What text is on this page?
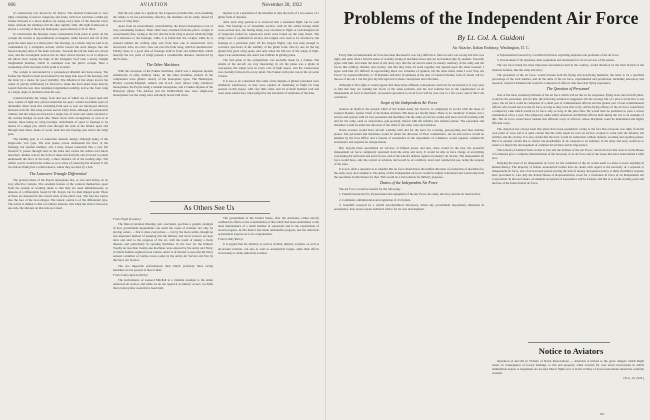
666	AVIATION	November 20, 1922

of construction was shown by M. Payrot. The internal framework is very light, consisting of narrow longerons and struts, with bow and lines a multi-ply former inclosed to a more shallow by seeing every most of the material every shape wherein the members fall the skin rigidity. Only this light framework is placed a covering of three-ply mahogany, approximately 2/32 in. thick.

In construction the fuselage varies considerably from point to point. At the cockpit the section is approximately rectangular, while forward and aft of this point the sides taper to a blunt point. The fuselage, as a whole, may be said to be commanded by a triangular section, which toward the stern merges into the inward-sloping sides of the main structure. Towards the tail the sides are curved over, and the rectangular section has its sides curved inward, so as to improve the pilot's view. Along the ridge of the triangular 'roof' runs a nearly straight longitudinal member, which is continued over the pilot's cockpit. Here a weakening of the structure at this point is avoided.

The cockpit is surrounded by a pronounced dihedral and back-sweep. The former has therefore been necessitated by the large side area of the fuselage, and the latter by a desire for good visibility. The dihedral of the wings lowers the center of gravity sufficiently far forward to make the front plane more heavily loaded than the rear, thus obtaining longitudinal stability, and so the front wing at a larger angle of incidence than the rear.

Constructionally the wings, front and rear of which are of equal span and area, consist of light ribs, placed somewhat far apart, carried on tubular spars of duralumin. Short stout ribs extending from spar to spar are interposed midway between each rib. The wing section used is fairly thick, although of considerable camber, and the wings are braced in a single bay of struts and cables attached to the various fittings on each side. These struts with corrugations as well as in tension, there being no wing bracings. Attachment of spars to fuselage is by means of a single pin, which runs through the ends of the tubular spars and through steel tubes, made of wood, built into the fuselage just below the ridge pole.

The landing gear is of somewhat unusual design, although being of the single-axle 'vee' type. The axle passes across underneath the floor of the fuselage, but another member, also a tube, sloped somewhat like a very flat inverted V, passes through slots in the sides and carries the rubber-cord shock absorbers. Radius rods in the form of tubes run from the axle forward to points underneath the floor of the body, a short distance aft of the leading edge. The rubber cord is wound in the center so as to allow of removing the inverted V, the two halves fitting into a central sleeve, where they are held by a bolt.

The Latecoere Triangle Differential

The greatest merit of the Peyret monoplane lies, as was said before, in its very effective controls. The essential feature of the controls themselves, apart from the system of working them, is that they are used simultaneously, as ailerons of a differential, found by Mr. Peyret, but for their hinged point. Three of these are mounted in the control stick of the pilot's seat. The foot-bar carries also the foot of the foot-stirrups. The lateral control is of the differential type. The action is similar to that of ordinary ailerons, that when the stick is moved to one side, the ailerons on that side are raised.

find the rear plane is a question, but it appears probable that, even assuming the rudder to be not particularly effective, the machine can be easily turned by the use of wing flaps.

Apart from its extraordinary controllability, the Peyret monoplane is not of very outstanding features. Their chief view obtained from the pilot's cockpit is exceptionally fine, owing to the fact that the front wing is placed relatively high with reference to the fuselage, while it is found that the cockpit, while he is situated behind the trailing edge and from here one is unrestricted view downward. Also, in a dive, view out over the front wing, which is unobstructed. Finally, there is a good deal of fuselage both in front and behind him, which laterally the two pairs of wings present a considerable distance, reinforced by the N struts.

The Other Machines

With the exception of the Fokker machines, which was a sailplane biplane reminiscent of early military ideas, all the other machines entered in the competition were gliders, mostly of the monoplane types. The Handasyde, Broiler, Gordon-England, Ashton and R.A.F. were mixed wing cantilever monoplanes, the Peyret being a tandem monoplane, and a Fokker biplane of the Hannover glider. The Airdaes and the DeHavilland also were single-seat monoplanes, but the wings were extremely broad with wires.

biplane to be a specimen of the machine to take the form of a two-seater, of a glider form of airplane.

After such long periods it is observed that a sustained flight can be well done. The fuselage is of streamline section, with all the cables having small cross-section area, the fairing being very excellent in flight. A well-designed set of longerons joined by square-end struts were bolted up the long chord. The wings were of symmetrical section, the longest ever seen to be attached to the fuselage at a particular joint. Of the longest flights, one was long enough to convince spectators of the stability of the glider form. One by one all the big gliders had great wing spans, and only when the full test of the wings of high-aspect was undertaken, the result was brilliant in gliding plane.

The best glide of the competitions was probably made by a Fokker. The details of the aircraft are very interesting. In all, the plane was a glider in conception, the wings were in every case of high aspect, and the construction was carefully followed in every detail. The Fokker with pilot was in the air some 2 hours.

It is also to be considered that some of the designs of gliders presented were eminently satisfactory, as they were capable of remaining in flight for long periods on hill slopes, with very little wind, and all of them handled well and were quite satisfactory when judged by the standards of sailplanes of the time.

As Others See Us

From Flight (London):

The Detroit Aviation Meeting, just concluded, provides a graphic example of how government departments can assist the cause of aviation, not only by placing orders — that is done everywhere — but by the more subtle, though no less important method of ensuring that the military and naval aviators are kept alive and alert to the progress of the art, with the result of taking a lively interest, and particularly in sporting machines. In the race for the Pulitzer Trophy no less than twenty-one machines were entered by the Army and Navy, of which number eighteen were Curtiss, and it is of interest to note that the Navy entered a number of Curtiss racers, some by the Army Air Service and five by the Navy Air Service.

The two important performances then which, probably, three racing machines do not possess is that of their.

From L'Aero-Sports (Paris):

The performance of General Mitchell is a valuable example to the entire American air service, and while we do not regard it as entirely correct, we think that a better plane would have been built.

The government of the United States, after the Armistice, rather strictly confined its efforts to the consolidation of that which had been established, to the mere maintenance of a small number of squadrons and to the exploitation of recent progress. In this field it had made remarkable progress, and the American aeronautical experts are to be congratulated.

From L'Aile (Paris):

It is argued that all, military as well as civilian, military aviation, as well as all-around aviation, can also as well as aeronautical league, unite their efforts victoriously to mark American aviation.

Problems of the Independent Air Force
By Lt. Col. A. Guidoni
Air Attache, Italian Embassy, Washington, D. C.

Every time an independent air force has been discussed it was very difficult to find out who was wrong and who was right, and quite often I had the sense of actually seeing in machines most and can be handled only by seamen. I heartily agree with him: and when the head of the army says that the air service must be merely auxiliary of the army and the forces like artillery, infantry and cavalry, and that they must all work together and depend upon the same General, I agree with him. It's difficult in approaching these two extremes of opinion. On the other hand, when I read 'Stop Air Force!' by General Mitchell, or 'II Dominio dell'Aria' (Command of the Air) of General Douhet, both of whom call for the use of the air, I can but give my full approval to these conceptions and criticisms.

Although at first sight, it would appear that these three different conceptions could not be reconciled, it is very easy to find that they are nothing but facets of the same problem, and the real solution lies in the organization of an independent air force is inevitable. At present opposition to an air force will be won over to a few years, and of this I am convinced.

Scope of the Independent Air Force

General de Neufort, the present Chief of the Italian Army Air Service, is completely in accord with the ideas of General Douhet, former Chief of the Italian Aviation. His ideas are briefly these: There is no 'auxiliary' aviation, but a service and operate with its own personnel and machines, but the army air service would only have aircraft working with and for the army, such as observation, gun-spotting, liaison with the infantry and defense planes. The personnel and machines would be under the direction of the chief of the army corps and division.

Naval aviation would have aircraft working with and for the navy for scouting, gun-spotting and fleet defense planes. The personnel and machines would be under the direction of Fleet commanders. An air and service would be handled by the Post Office and a bureau of aeronautics in the department of commerce would regulate commercial aeronautics and regulate air transportation.

But, beyond these specialized air services of limited power and size, there would be the true, the powerful independent air force completely separated from the army and navy. It would be able to have charge of everything concerning the territorial and naval forces, and of the nation's defense against an enemy's air attacks. The independent air force would have, only the control of aviation, and would be of a military, naval and commercial use, being the weapon of the state.

It is now often a question as to whether this air force should have the unified direction of production of machines for the army, navy and commerce. The Army of this 'independent air force' would be highly centralized and would only hold the specialists in this theater for that. This would be a bad solution for military purposes.

Duties of the Independent Air Force

The Air Force would be needed for the following:

1. Furnish instruction for all personnel and equipment of the Air Force, the army, the navy and the air mail service.

2. Command, administration and regulation of civil pilots.

3. Scientific research by a central aerodynamical laboratory, where any government department, interested in aeronautics, may secure expert technical advice for its own development.

4. Experimental research by a technical division, regarding airplanes and problems of the air force.

5. Procurement of all airplanes, their equipment and armament for all air services of the nation.

The Air force being the most important aeronautical unit in the country, would therefore be the final branch of the national defense, like the army and navy.

The personnel of the air force, would include both the flying and non-flying members, the latter to be a specified percentage of the total number, and all the units of the air force, experimental and production, including laboratory and research, would be handled and would be composed of officers who have had flying experience.

The Question of Personnel

One of the most essential problems of the air force which will be the air for seaplanes, flying boats and aircraft pilots, would be the personnel, and for this, the following solution is suggested. On the average life of a pilot is from five to ten years, the air force could be composed of a small part of commissioned officers and the greater part of non-commissioned officers who would serve in the air force as long as they were able to fly. All the flying officers of the air force would have a temporary rank which would be in force only as long as the pilot flies. He would then be permitted to pass a severe examination twice a year. The temporary ranks which American and British officers held during the war is an example of this. The air force would need, besides this efficient corps of officers, whose discipline could be maintained and highly efficient corps.

The objection has always been that pilots have been pessimistic owing to the fact that everyone was right, from his own point of view, but it is quite certain that the army needs its own air service, trained to work with the infantry, the artillery and the cavalry. It is also certain that the navy would be vulnerable without defense, scouting and spotting planes. But it is equally certain that to restrict the possibilities of air weapons to an auxiliary of the army and navy would be to restrict or impair the development of commercial aviation and its importance.

The bottom of Admiral Sims on this is 'just and the defense of the Air Force,' and in the fact that as he is in the House of Commons give a complete demonstration of the necessity of an air force and of the issues that have been behind it until now.

Denying the need of an independent air force for the command of the air would seem to refuse to learn anything in human history. The majority of Italian aeronautical bodies have no doubt with regard to the necessity of a separate or independent air force, and a law has been passed placing the lack of money and general policy to limit all military expense have prevented it. Last July the Italian House of Representatives voted for a resolution in favor of an Independent Air Corporation. In the near future, an eminent secretariat of aeronautics will be formed, and this is to be the starting point and nucleus of the future Italian air force.

Notice to Aviators

Operation of Aircraft in Vicinity of Naval Reservations — Attention is invited to the grave dangers which might result, in consequence of forced landings, to life and property, when aviators fly over naval reservations in which ammunition depots or magazines are located. Direct flight over or in the vicinity of naval reservations should be carefully avoided.

(N.A. 15, 1922.)

667
